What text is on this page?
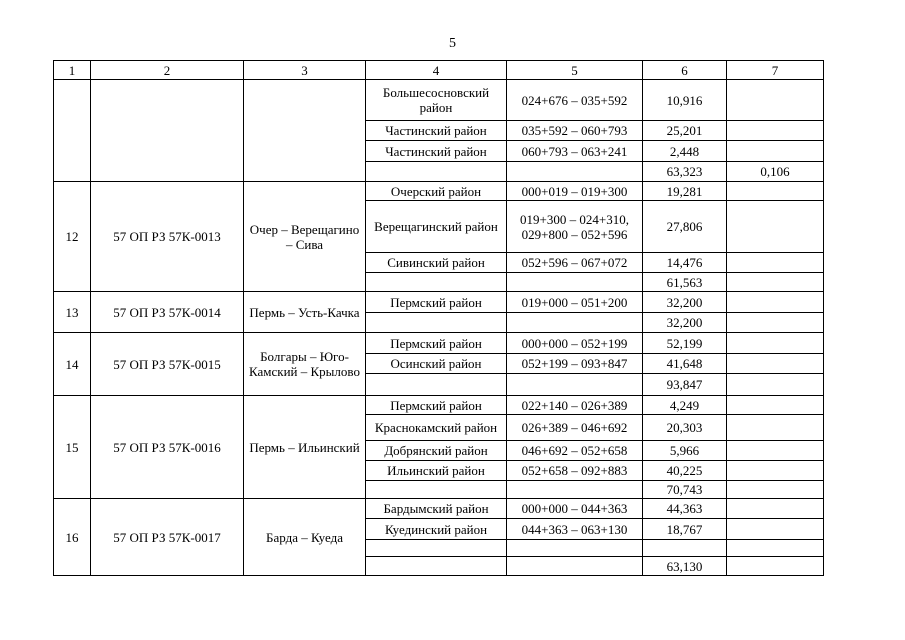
5
1	2	3	4	5	6	7
			Большесосновский район	024+676 – 035+592	10,916	
			Частинский район	035+592 – 060+793	25,201	
			Частинский район	060+793 – 063+241	2,448	
					63,323	0,106
12	57 ОП РЗ 57К-0013	Очер – Верещагино – Сива	Очерский район	000+019 – 019+300	19,281	
			Верещагинский район	019+300 – 024+310, 029+800 – 052+596	27,806	
			Сивинский район	052+596 – 067+072	14,476	
					61,563	
13	57 ОП РЗ 57К-0014	Пермь – Усть-Качка	Пермский район	019+000 – 051+200	32,200	
					32,200	
14	57 ОП РЗ 57К-0015	Болгары – Юго-Камский – Крылово	Пермский район	000+000 – 052+199	52,199	
			Осинский район	052+199 – 093+847	41,648	
					93,847	
15	57 ОП РЗ 57К-0016	Пермь – Ильинский	Пермский район	022+140 – 026+389	4,249	
			Краснокамский район	026+389 – 046+692	20,303	
			Добрянский район	046+692 – 052+658	5,966	
			Ильинский район	052+658 – 092+883	40,225	
					70,743	
16	57 ОП РЗ 57К-0017	Барда – Куеда	Бардымский район	000+000 – 044+363	44,363	
			Куединский район	044+363 – 063+130	18,767	

					63,130	
